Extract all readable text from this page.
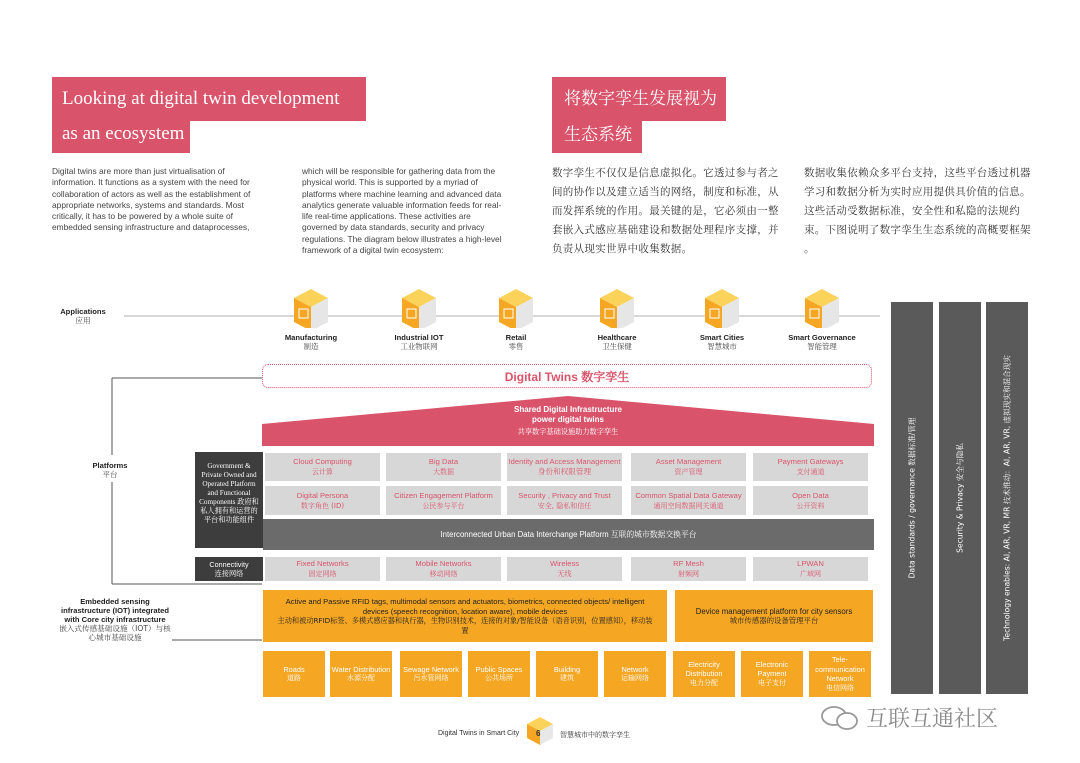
Looking at digital twin development
as an ecosystem
将数字孪生发展视为
生态系统
Digital twins are more than just virtualisation of information. It functions as a system with the need for collaboration of actors as well as the establishment of appropriate networks, systems and standards. Most critically, it has to be powered by a whole suite of embedded sensing infrastructure and dataprocesses,
which will be responsible for gathering data from the physical world. This is supported by a myriad of platforms where machine learning and advanced data analytics generate valuable information feeds for real-life real-time applications. These activities are governed by data standards, security and privacy regulations. The diagram below illustrates a high-level framework of a digital twin ecosystem:
数字孪生不仅仅是信息虚拟化。它透过参与者之间的协作以及建立适当的网络，制度和标准，从而发挥系统的作用。最关键的是，它必须由一整套嵌入式感应基础建设和数据处理程序支撑，并负责从现实世界中收集数据。
数据收集依赖众多平台支持，这些平台透过机器学习和数据分析为实时应用提供具价值的信息。这些活动受数据标准，安全性和私隐的法规约束。下图说明了数字孪生生态系统的高概要框架 。
Applications
应用
Platforms
平台
Embedded sensing infrastructure (IOT) integrated with Core city infrastructure
嵌入式传感基础设施（IOT）与核心城市基础设施
Manufacturing
制造
Industrial IOT
工业物联网
Retail
零售
Healthcare
卫生保健
Smart Cities
智慧城市
Smart Governance
智能管理
Digital Twins 数字孪生
Shared Digital Infrastructure
power digital twins
共享数字基础设施助力数字孪生
Government & Private Owned and Operated Platform and Functional Components 政府和私人拥有和运营的平台和功能组件
Cloud Computing
云计算
Big Data
大数据
Identity and Access Management 身份和权限管理
Asset Management
资产管理
Payment Gateways
支付通道
Digital Persona
数字角色 (ID)
Citizen Engagement Platform
公民参与平台
Security , Privacy and Trust
安全, 隐私和信任
Common Spatial Data Gateway
通用空间数据网关通道
Open Data
公开资料
Interconnected Urban Data Interchange Platform 互联的城市数据交换平台
Connectivity
连接网络
Fixed Networks
固定网络
Mobile Networks
移动网络
Wireless
无线
RF Mesh
射频网
LPWAN
广域网
Active and Passive RFID tags, multimodal sensors and actuators, biometrics, connected objects/ intelligent devices (speech recognition, location aware), mobile devices
主动和被动RFID标签、多模式感应器和执行器，生物识别技术，连接的对象/智能设备（语音识别，位置感知），移动装置
Device management platform for city sensors
城市传感器的设备管理平台
Roads
道路
Water Distribution
水源分配
Sewage Network
污水管网络
Public Spaces
公共场所
Building
建筑
Network
运输网络
Electricity Distribution
电力分配
Electronic Payment
电子支付
Tele-communication Network
电信网络
Data standards / governance 数据标准/管理	Security & Privacy 安全与隐私	Technology enables: AI, AR, VR, MR 技术推动：AI, AR, VR, 虚拟现实和混合现实
Digital Twins in Smart City 6	智慧城市中的数字孪生
互联互通社区
